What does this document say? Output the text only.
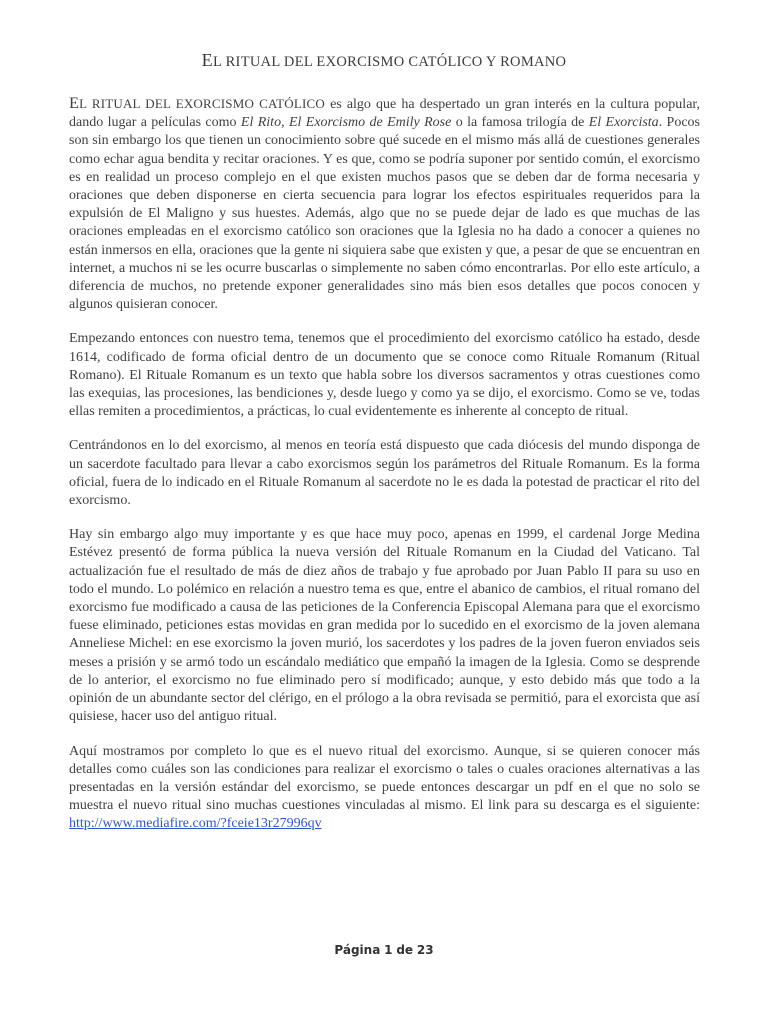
EL RITUAL DEL EXORCISMO CATÓLICO Y ROMANO

EL RITUAL DEL EXORCISMO CATÓLICO es algo que ha despertado un gran interés en la cultura popular, dando lugar a películas como El Rito, El Exorcismo de Emily Rose o la famosa trilogía de El Exorcista. Pocos son sin embargo los que tienen un conocimiento sobre qué sucede en el mismo más allá de cuestiones generales como echar agua bendita y recitar oraciones. Y es que, como se podría suponer por sentido común, el exorcismo es en realidad un proceso complejo en el que existen muchos pasos que se deben dar de forma necesaria y oraciones que deben disponerse en cierta secuencia para lograr los efectos espirituales requeridos para la expulsión de El Maligno y sus huestes. Además, algo que no se puede dejar de lado es que muchas de las oraciones empleadas en el exorcismo católico son oraciones que la Iglesia no ha dado a conocer a quienes no están inmersos en ella, oraciones que la gente ni siquiera sabe que existen y que, a pesar de que se encuentran en internet, a muchos ni se les ocurre buscarlas o simplemente no saben cómo encontrarlas. Por ello este artículo, a diferencia de muchos, no pretende exponer generalidades sino más bien esos detalles que pocos conocen y algunos quisieran conocer.

Empezando entonces con nuestro tema, tenemos que el procedimiento del exorcismo católico ha estado, desde 1614, codificado de forma oficial dentro de un documento que se conoce como Rituale Romanum (Ritual Romano). El Rituale Romanum es un texto que habla sobre los diversos sacramentos y otras cuestiones como las exequias, las procesiones, las bendiciones y, desde luego y como ya se dijo, el exorcismo. Como se ve, todas ellas remiten a procedimientos, a prácticas, lo cual evidentemente es inherente al concepto de ritual.

Centrándonos en lo del exorcismo, al menos en teoría está dispuesto que cada diócesis del mundo disponga de un sacerdote facultado para llevar a cabo exorcismos según los parámetros del Rituale Romanum. Es la forma oficial, fuera de lo indicado en el Rituale Romanum al sacerdote no le es dada la potestad de practicar el rito del exorcismo.

Hay sin embargo algo muy importante y es que hace muy poco, apenas en 1999, el cardenal Jorge Medina Estévez presentó de forma pública la nueva versión del Rituale Romanum en la Ciudad del Vaticano. Tal actualización fue el resultado de más de diez años de trabajo y fue aprobado por Juan Pablo II para su uso en todo el mundo. Lo polémico en relación a nuestro tema es que, entre el abanico de cambios, el ritual romano del exorcismo fue modificado a causa de las peticiones de la Conferencia Episcopal Alemana para que el exorcismo fuese eliminado, peticiones estas movidas en gran medida por lo sucedido en el exorcismo de la joven alemana Anneliese Michel: en ese exorcismo la joven murió, los sacerdotes y los padres de la joven fueron enviados seis meses a prisión y se armó todo un escándalo mediático que empañó la imagen de la Iglesia. Como se desprende de lo anterior, el exorcismo no fue eliminado pero sí modificado; aunque, y esto debido más que todo a la opinión de un abundante sector del clérigo, en el prólogo a la obra revisada se permitió, para el exorcista que así quisiese, hacer uso del antiguo ritual.

Aquí mostramos por completo lo que es el nuevo ritual del exorcismo. Aunque, si se quieren conocer más detalles como cuáles son las condiciones para realizar el exorcismo o tales o cuales oraciones alternativas a las presentadas en la versión estándar del exorcismo, se puede entonces descargar un pdf en el que no solo se muestra el nuevo ritual sino muchas cuestiones vinculadas al mismo. El link para su descarga es el siguiente: http://www.mediafire.com/?fceie13r27996qv

Página 1 de 23
